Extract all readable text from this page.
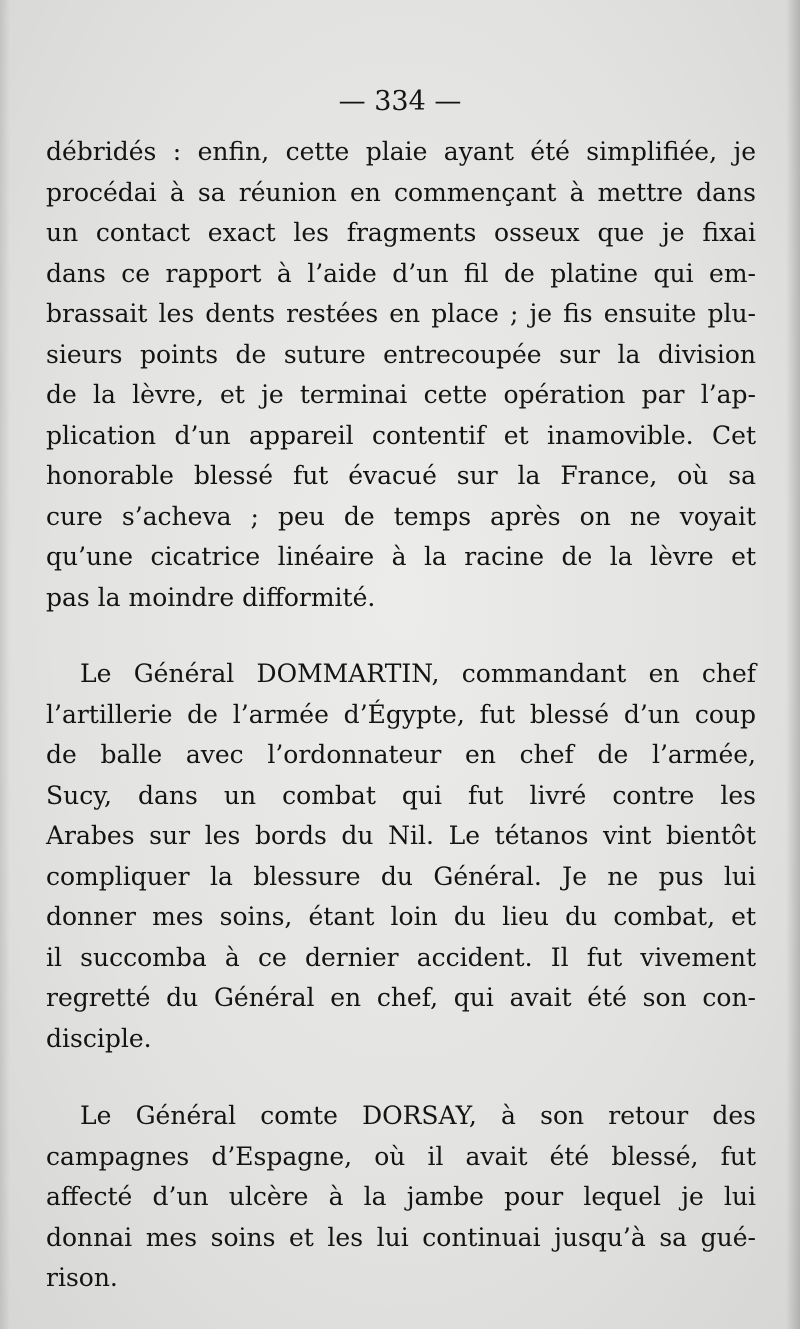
— 334 —
débridés : enfin, cette plaie ayant été simplifiée, je
procédai à sa réunion en commençant à mettre dans
un contact exact les fragments osseux que je fixai
dans ce rapport à l’aide d’un fil de platine qui em-
brassait les dents restées en place ; je fis ensuite plu-
sieurs points de suture entrecoupée sur la division
de la lèvre, et je terminai cette opération par l’ap-
plication d’un appareil contentif et inamovible. Cet
honorable blessé fut évacué sur la France, où sa
cure s’acheva ; peu de temps après on ne voyait
qu’une cicatrice linéaire à la racine de la lèvre et
pas la moindre difformité.
Le Général DOMMARTIN, commandant en chef
l’artillerie de l’armée d’Égypte, fut blessé d’un coup
de balle avec l’ordonnateur en chef de l’armée,
Sucy, dans un combat qui fut livré contre les
Arabes sur les bords du Nil. Le tétanos vint bientôt
compliquer la blessure du Général. Je ne pus lui
donner mes soins, étant loin du lieu du combat, et
il succomba à ce dernier accident. Il fut vivement
regretté du Général en chef, qui avait été son con-
disciple.
Le Général comte DORSAY, à son retour des
campagnes d’Espagne, où il avait été blessé, fut
affecté d’un ulcère à la jambe pour lequel je lui
donnai mes soins et les lui continuai jusqu’à sa gué-
rison.
